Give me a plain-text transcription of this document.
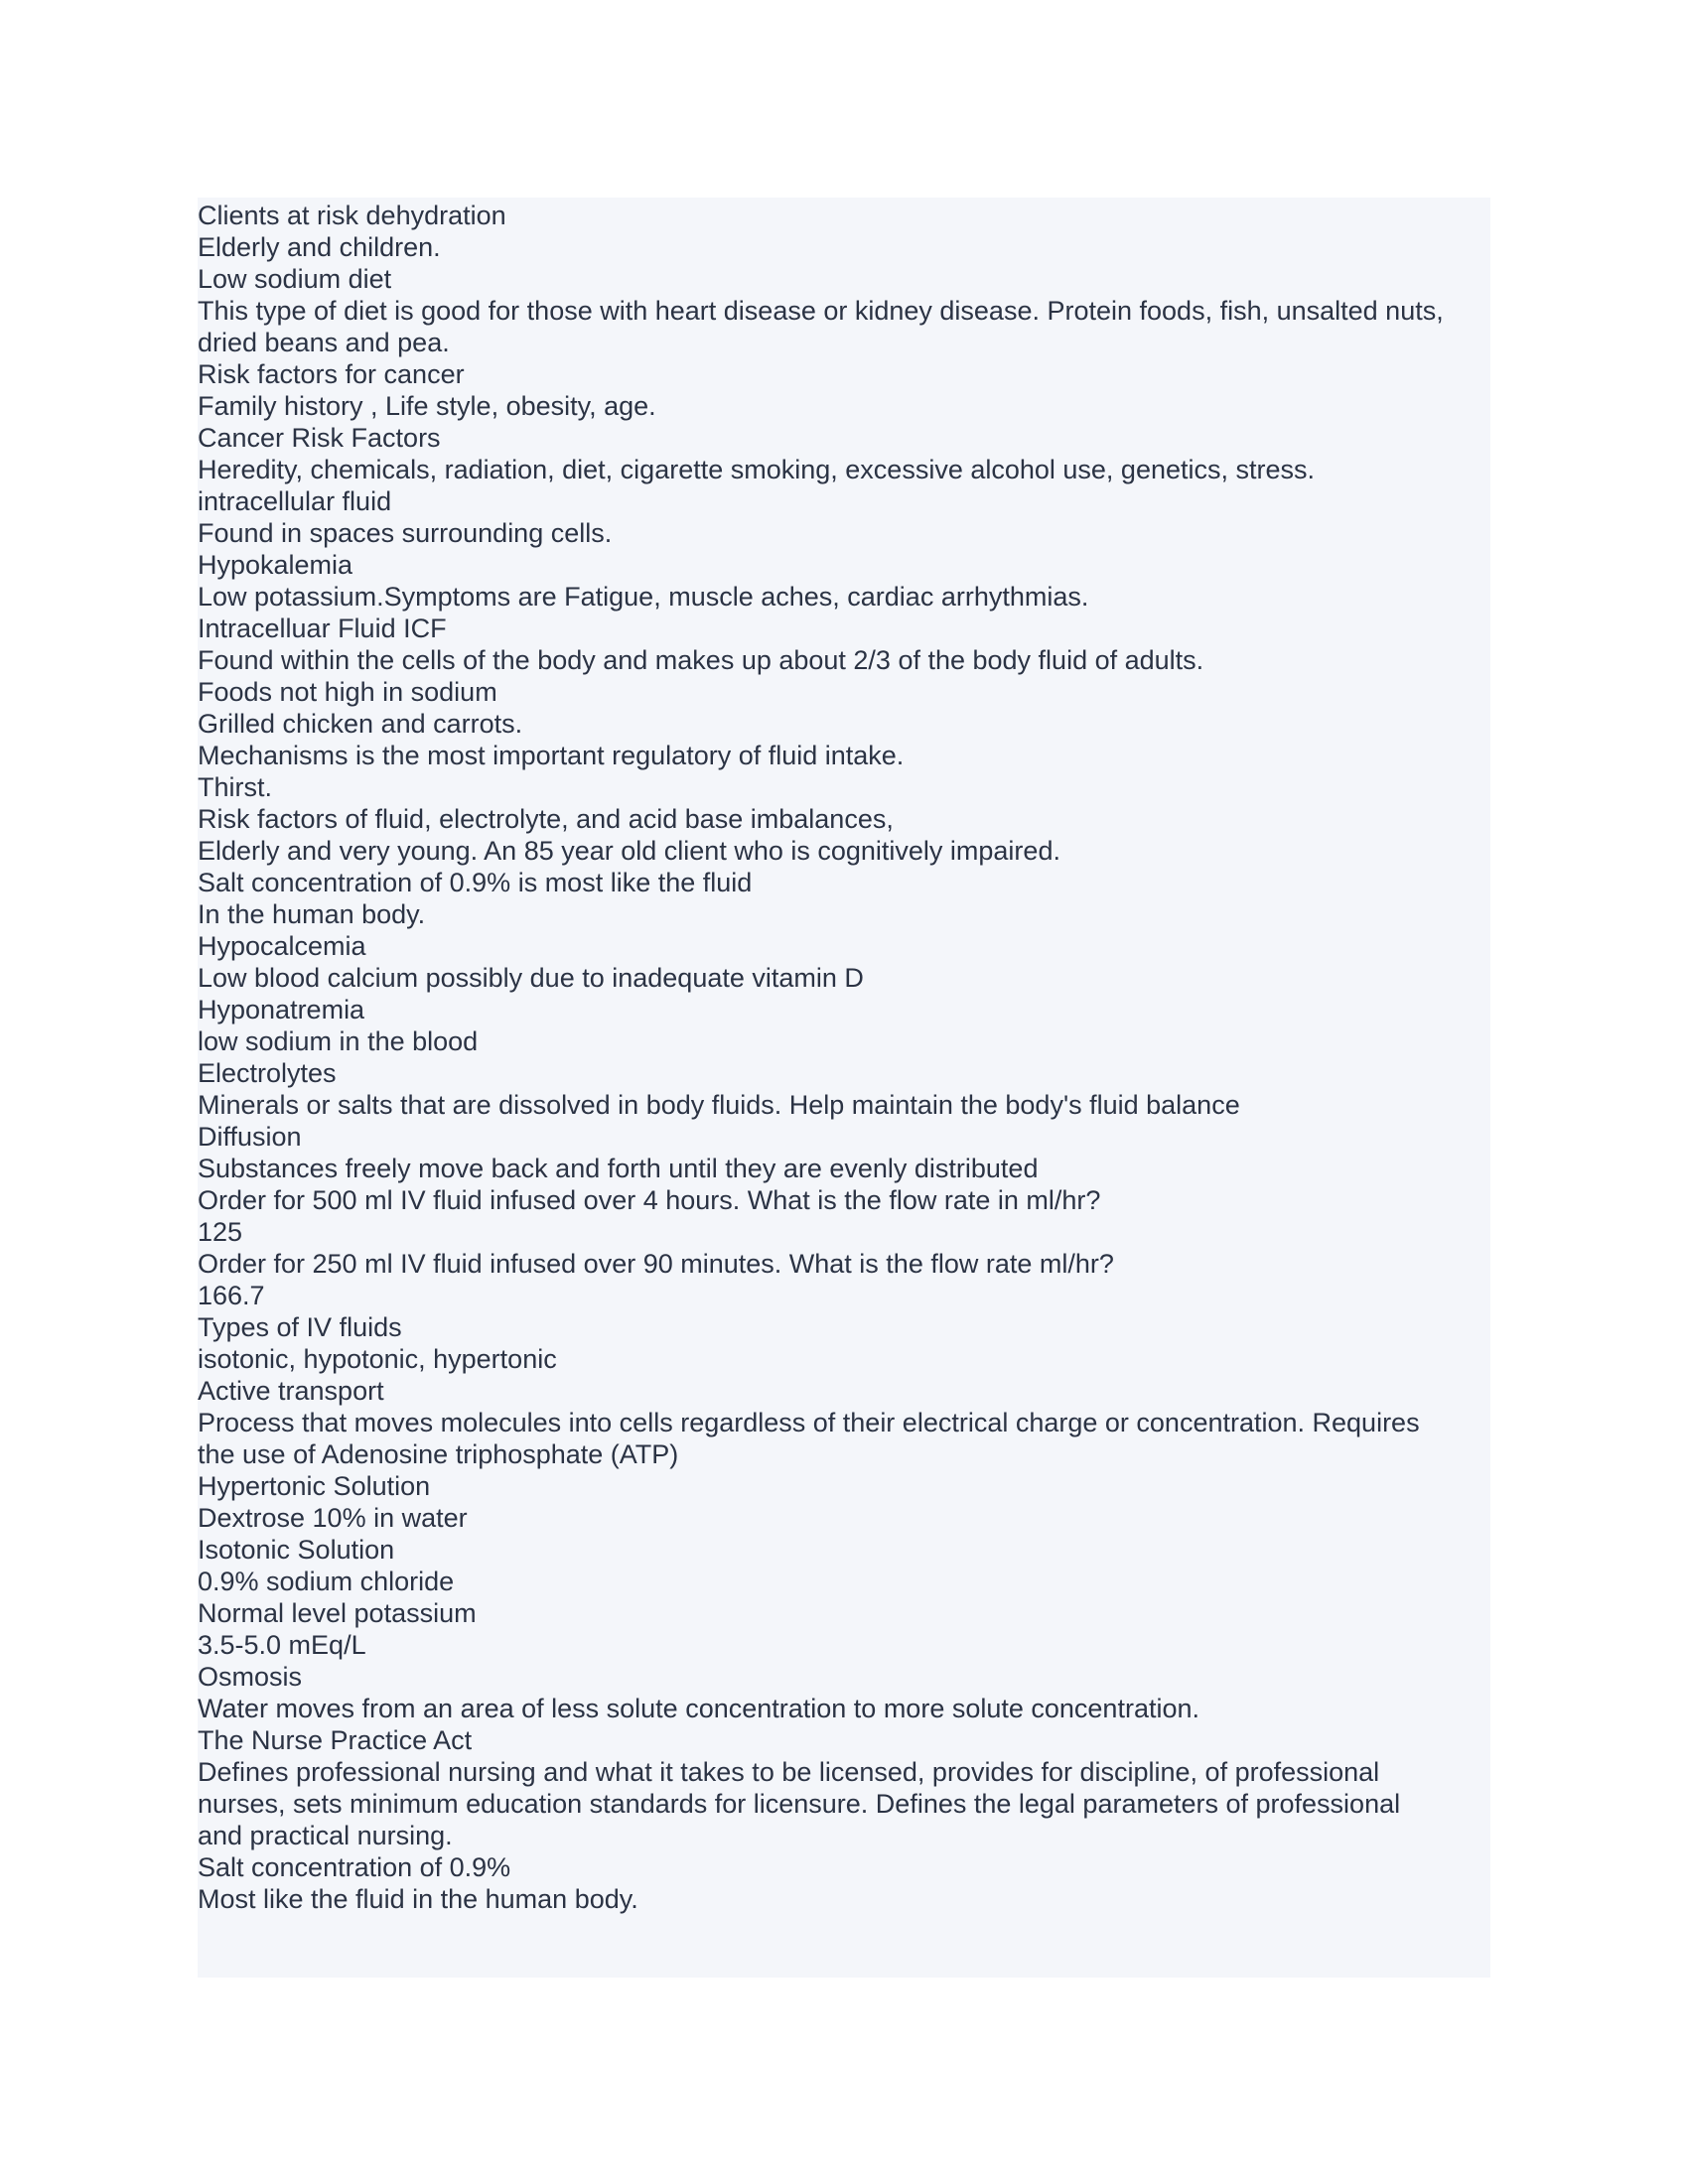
Clients at risk dehydration

Elderly and children.

Low sodium diet

This type of diet is good for those with heart disease or kidney disease. Protein foods, fish, unsalted nuts,

dried beans and pea.

Risk factors for cancer

Family history , Life style, obesity, age.

Cancer Risk Factors

Heredity, chemicals, radiation, diet, cigarette smoking, excessive alcohol use, genetics, stress.

intracellular fluid

Found in spaces surrounding cells.

Hypokalemia

Low potassium.Symptoms are Fatigue, muscle aches, cardiac arrhythmias.

Intracelluar Fluid ICF

Found within the cells of the body and makes up about 2/3 of the body fluid of adults.

Foods not high in sodium

Grilled chicken and carrots.

Mechanisms is the most important regulatory of fluid intake.

Thirst.

Risk factors of fluid, electrolyte, and acid base imbalances,

Elderly and very young. An 85 year old client who is cognitively impaired.

Salt concentration of 0.9% is most like the fluid

In the human body.

Hypocalcemia

Low blood calcium possibly due to inadequate vitamin D

Hyponatremia

low sodium in the blood

Electrolytes

Minerals or salts that are dissolved in body fluids. Help maintain the body's fluid balance

Diffusion

Substances freely move back and forth until they are evenly distributed

Order for 500 ml IV fluid infused over 4 hours. What is the flow rate in ml/hr?

125

Order for 250 ml IV fluid infused over 90 minutes. What is the flow rate ml/hr?

166.7

Types of IV fluids

isotonic, hypotonic, hypertonic

Active transport

Process that moves molecules into cells regardless of their electrical charge or concentration. Requires

the use of Adenosine triphosphate (ATP)

Hypertonic Solution

Dextrose 10% in water

Isotonic Solution

0.9% sodium chloride

Normal level potassium

3.5-5.0 mEq/L

Osmosis

Water moves from an area of less solute concentration to more solute concentration.

The Nurse Practice Act

Defines professional nursing and what it takes to be licensed, provides for discipline, of professional

nurses, sets minimum education standards for licensure. Defines the legal parameters of professional

and practical nursing.

Salt concentration of 0.9%

Most like the fluid in the human body.
